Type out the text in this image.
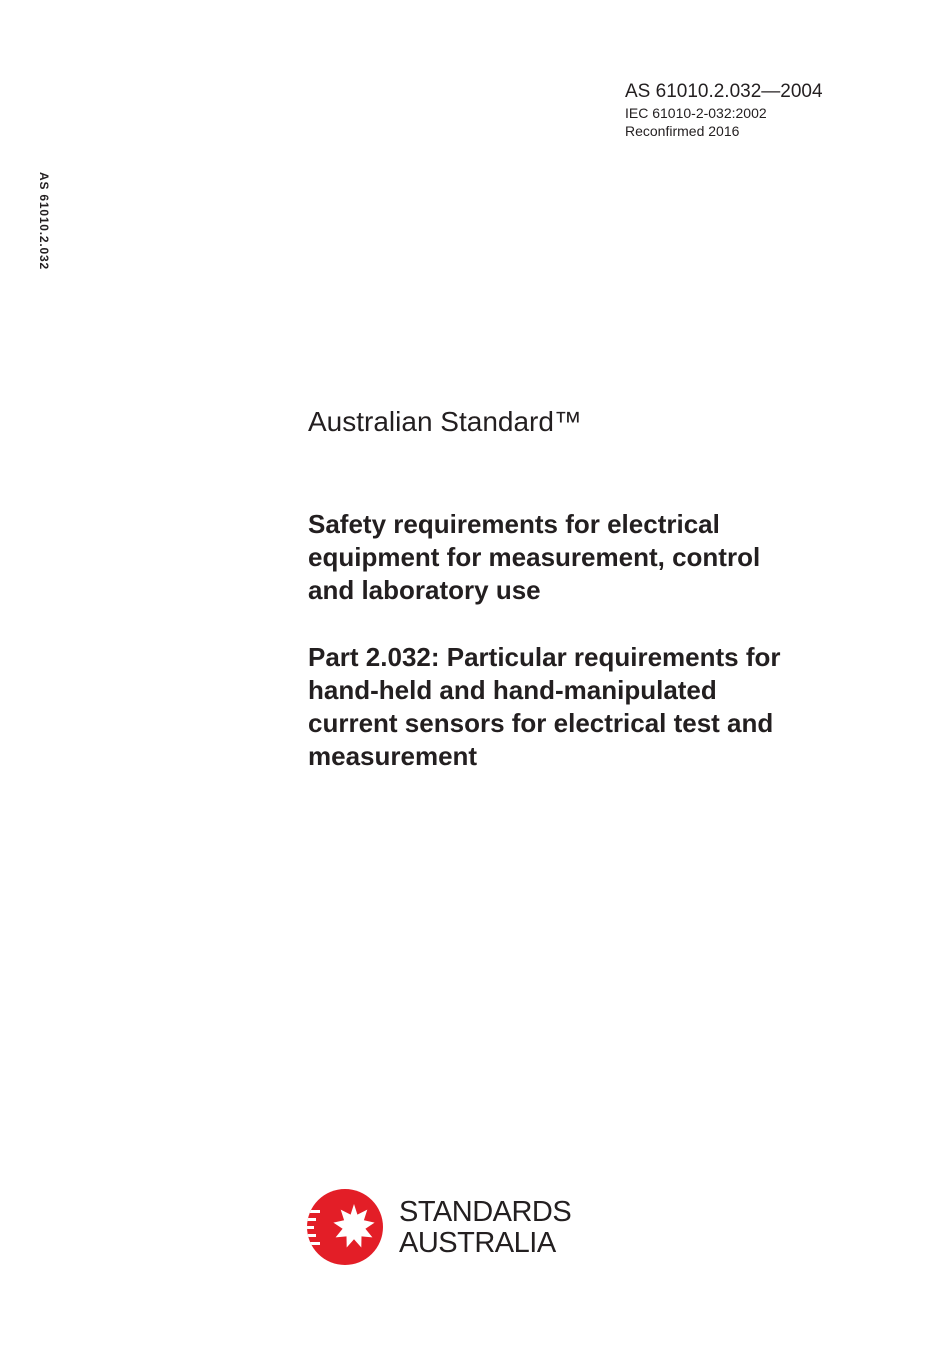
AS 61010.2.032—2004
IEC 61010-2-032:2002
Reconfirmed 2016
AS 61010.2.032
Australian Standard™
Safety requirements for electrical
equipment for measurement, control
and laboratory use
Part 2.032: Particular requirements for
hand-held and hand-manipulated
current sensors for electrical test and
measurement
STANDARDS
AUSTRALIA
